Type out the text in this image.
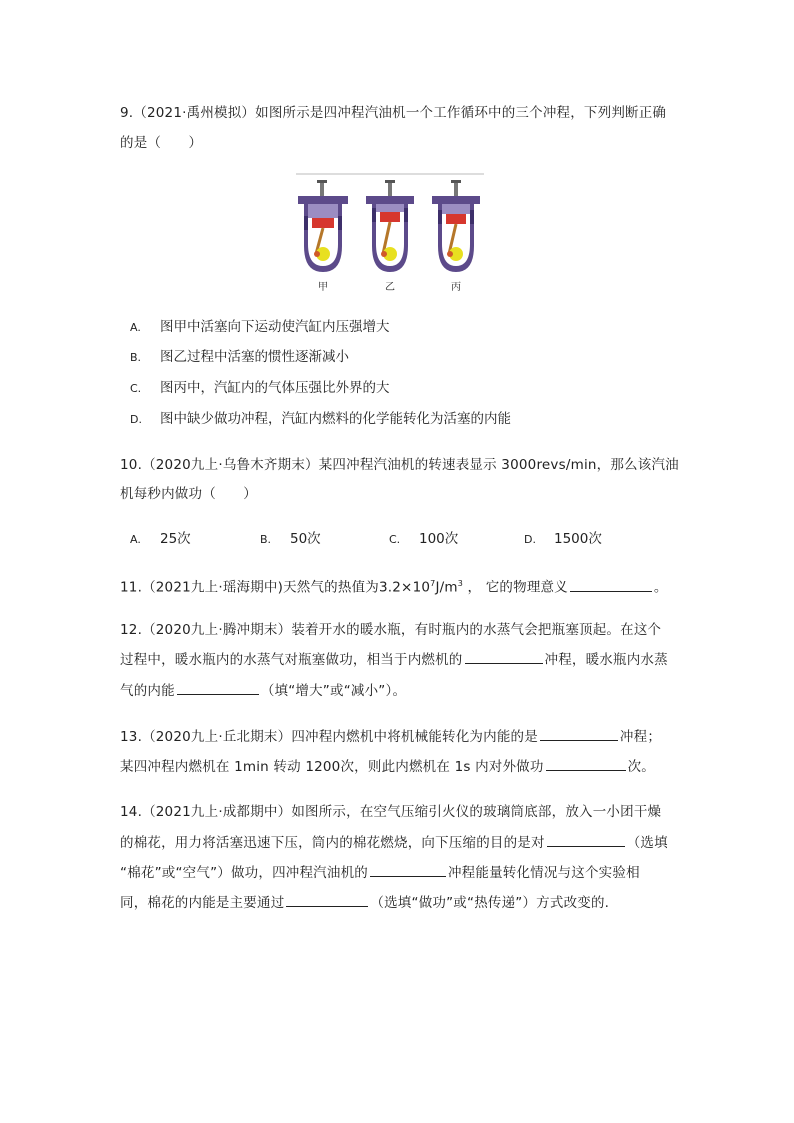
9.（2021·禹州模拟）如图所示是四冲程汽油机一个工作循环中的三个冲程，下列判断正确
的是（　　）
甲	乙	丙
A. 图甲中活塞向下运动使汽缸内压强增大
B. 图乙过程中活塞的惯性逐渐减小
C. 图丙中，汽缸内的气体压强比外界的大
D. 图中缺少做功冲程，汽缸内燃料的化学能转化为活塞的内能
10.（2020九上·乌鲁木齐期末）某四冲程汽油机的转速表显示 3000revs/min，那么该汽油
机每秒内做功（　　）
A. 25次	B. 50次	C. 100次	D. 1500次
11.（2021九上·瑶海期中)天然气的热值为$3.2\times 10^7J/m^3$ ， 它的物理意义	。
12.（2020九上·腾冲期末）装着开水的暖水瓶，有时瓶内的水蒸气会把瓶塞顶起。在这个
过程中，暖水瓶内的水蒸气对瓶塞做功，相当于内燃机的	冲程，暖水瓶内水蒸
气的内能	（填“增大”或“减小”）。
13.（2020九上·丘北期末）四冲程内燃机中将机械能转化为内能的是	冲程；
某四冲程内燃机在 1min 转动 1200次，则此内燃机在 1s 内对外做功	次。
14.（2021九上·成都期中）如图所示，在空气压缩引火仪的玻璃筒底部，放入一小团干燥
的棉花，用力将活塞迅速下压，筒内的棉花燃烧，向下压缩的目的是对	（选填
“棉花”或“空气”）做功，四冲程汽油机的	冲程能量转化情况与这个实验相
同，棉花的内能是主要通过	（选填“做功”或“热传递”）方式改变的.
